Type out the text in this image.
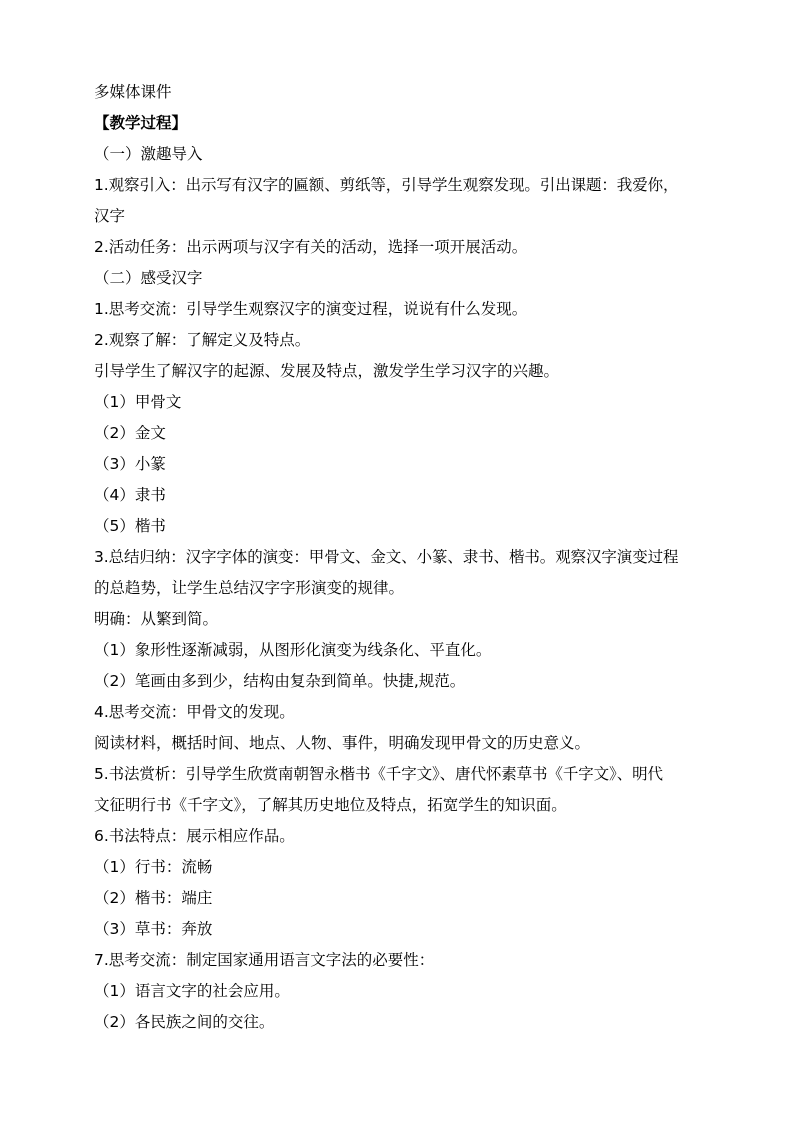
多媒体课件
【教学过程】
（一）激趣导入
1.观察引入：出示写有汉字的匾额、剪纸等，引导学生观察发现。引出课题：我爱你，
汉字
2.活动任务：出示两项与汉字有关的活动，选择一项开展活动。
（二）感受汉字
1.思考交流：引导学生观察汉字的演变过程，说说有什么发现。
2.观察了解：了解定义及特点。
引导学生了解汉字的起源、发展及特点，激发学生学习汉字的兴趣。
（1）甲骨文
（2）金文
（3）小篆
（4）隶书
（5）楷书
3.总结归纳：汉字字体的演变：甲骨文、金文、小篆、隶书、楷书。观察汉字演变过程
的总趋势，让学生总结汉字字形演变的规律。
明确：从繁到简。
（1）象形性逐渐减弱，从图形化演变为线条化、平直化。
（2）笔画由多到少，结构由复杂到简单。快捷,规范。
4.思考交流：甲骨文的发现。
阅读材料，概括时间、地点、人物、事件，明确发现甲骨文的历史意义。
5.书法赏析：引导学生欣赏南朝智永楷书《千字文》、唐代怀素草书《千字文》、明代
文征明行书《千字文》，了解其历史地位及特点，拓宽学生的知识面。
6.书法特点：展示相应作品。
（1）行书：流畅
（2）楷书：端庄
（3）草书：奔放
7.思考交流：制定国家通用语言文字法的必要性：
（1）语言文字的社会应用。
（2）各民族之间的交往。
